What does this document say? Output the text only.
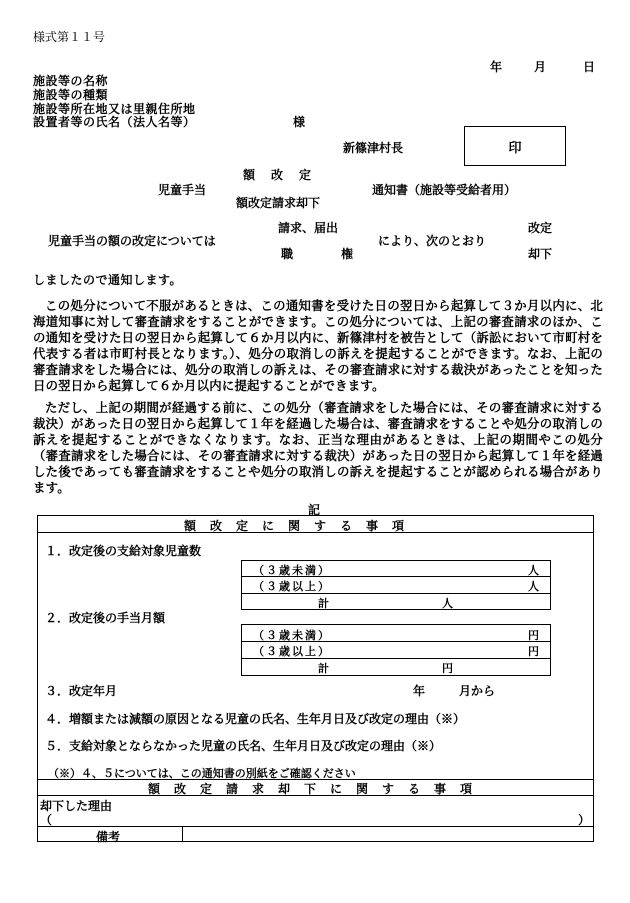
様式第１１号
年	月	日
施設等の名称
施設等の種類
施設等所在地又は里親住所地
設置者等の氏名（法人名等）	様
新篠津村長	印
額　改　定
児童手当	通知書（施設等受給者用）
額改定請求却下
請求、届出
児童手当の額の改定については	により、次のとおり
職	権
改定
却下
しましたので通知します。
この処分について不服があるときは、この通知書を受けた日の翌日から起算して３か月以内に、北海道知事に対して審査請求をすることができます。この処分については、上記の審査請求のほか、この通知を受けた日の翌日から起算して６か月以内に、新篠津村を被告として（訴訟において市町村を代表する者は市町村長となります。）、処分の取消しの訴えを提起することができます。なお、上記の審査請求をした場合には、処分の取消しの訴えは、その審査請求に対する裁決があったことを知った日の翌日から起算して６か月以内に提起することができます。
ただし、上記の期間が経過する前に、この処分（審査請求をした場合には、その審査請求に対する裁決）があった日の翌日から起算して１年を経過した場合は、審査請求をすることや処分の取消しの訴えを提起することができなくなります。なお、正当な理由があるときは、上記の期間やこの処分（審査請求をした場合には、その審査請求に対する裁決）があった日の翌日から起算して１年を経過した後であっても審査請求をすることや処分の取消しの訴えを提起することが認められる場合があります。
記
額　改　定　に　関　す　る　事　項
１．改定後の支給対象児童数
（３歳未満）	人
（３歳以上）	人
計	人
２．改定後の手当月額
（３歳未満）	円
（３歳以上）	円
計	円
３．改定年月	年	月から
４．増額または減額の原因となる児童の氏名、生年月日及び改定の理由（※）
５．支給対象とならなかった児童の氏名、生年月日及び改定の理由（※）
（※）４、５については、この通知書の別紙をご確認ください
額　改　定　請　求　却　下　に　関　す　る　事　項
却下した理由
（	）
備考
